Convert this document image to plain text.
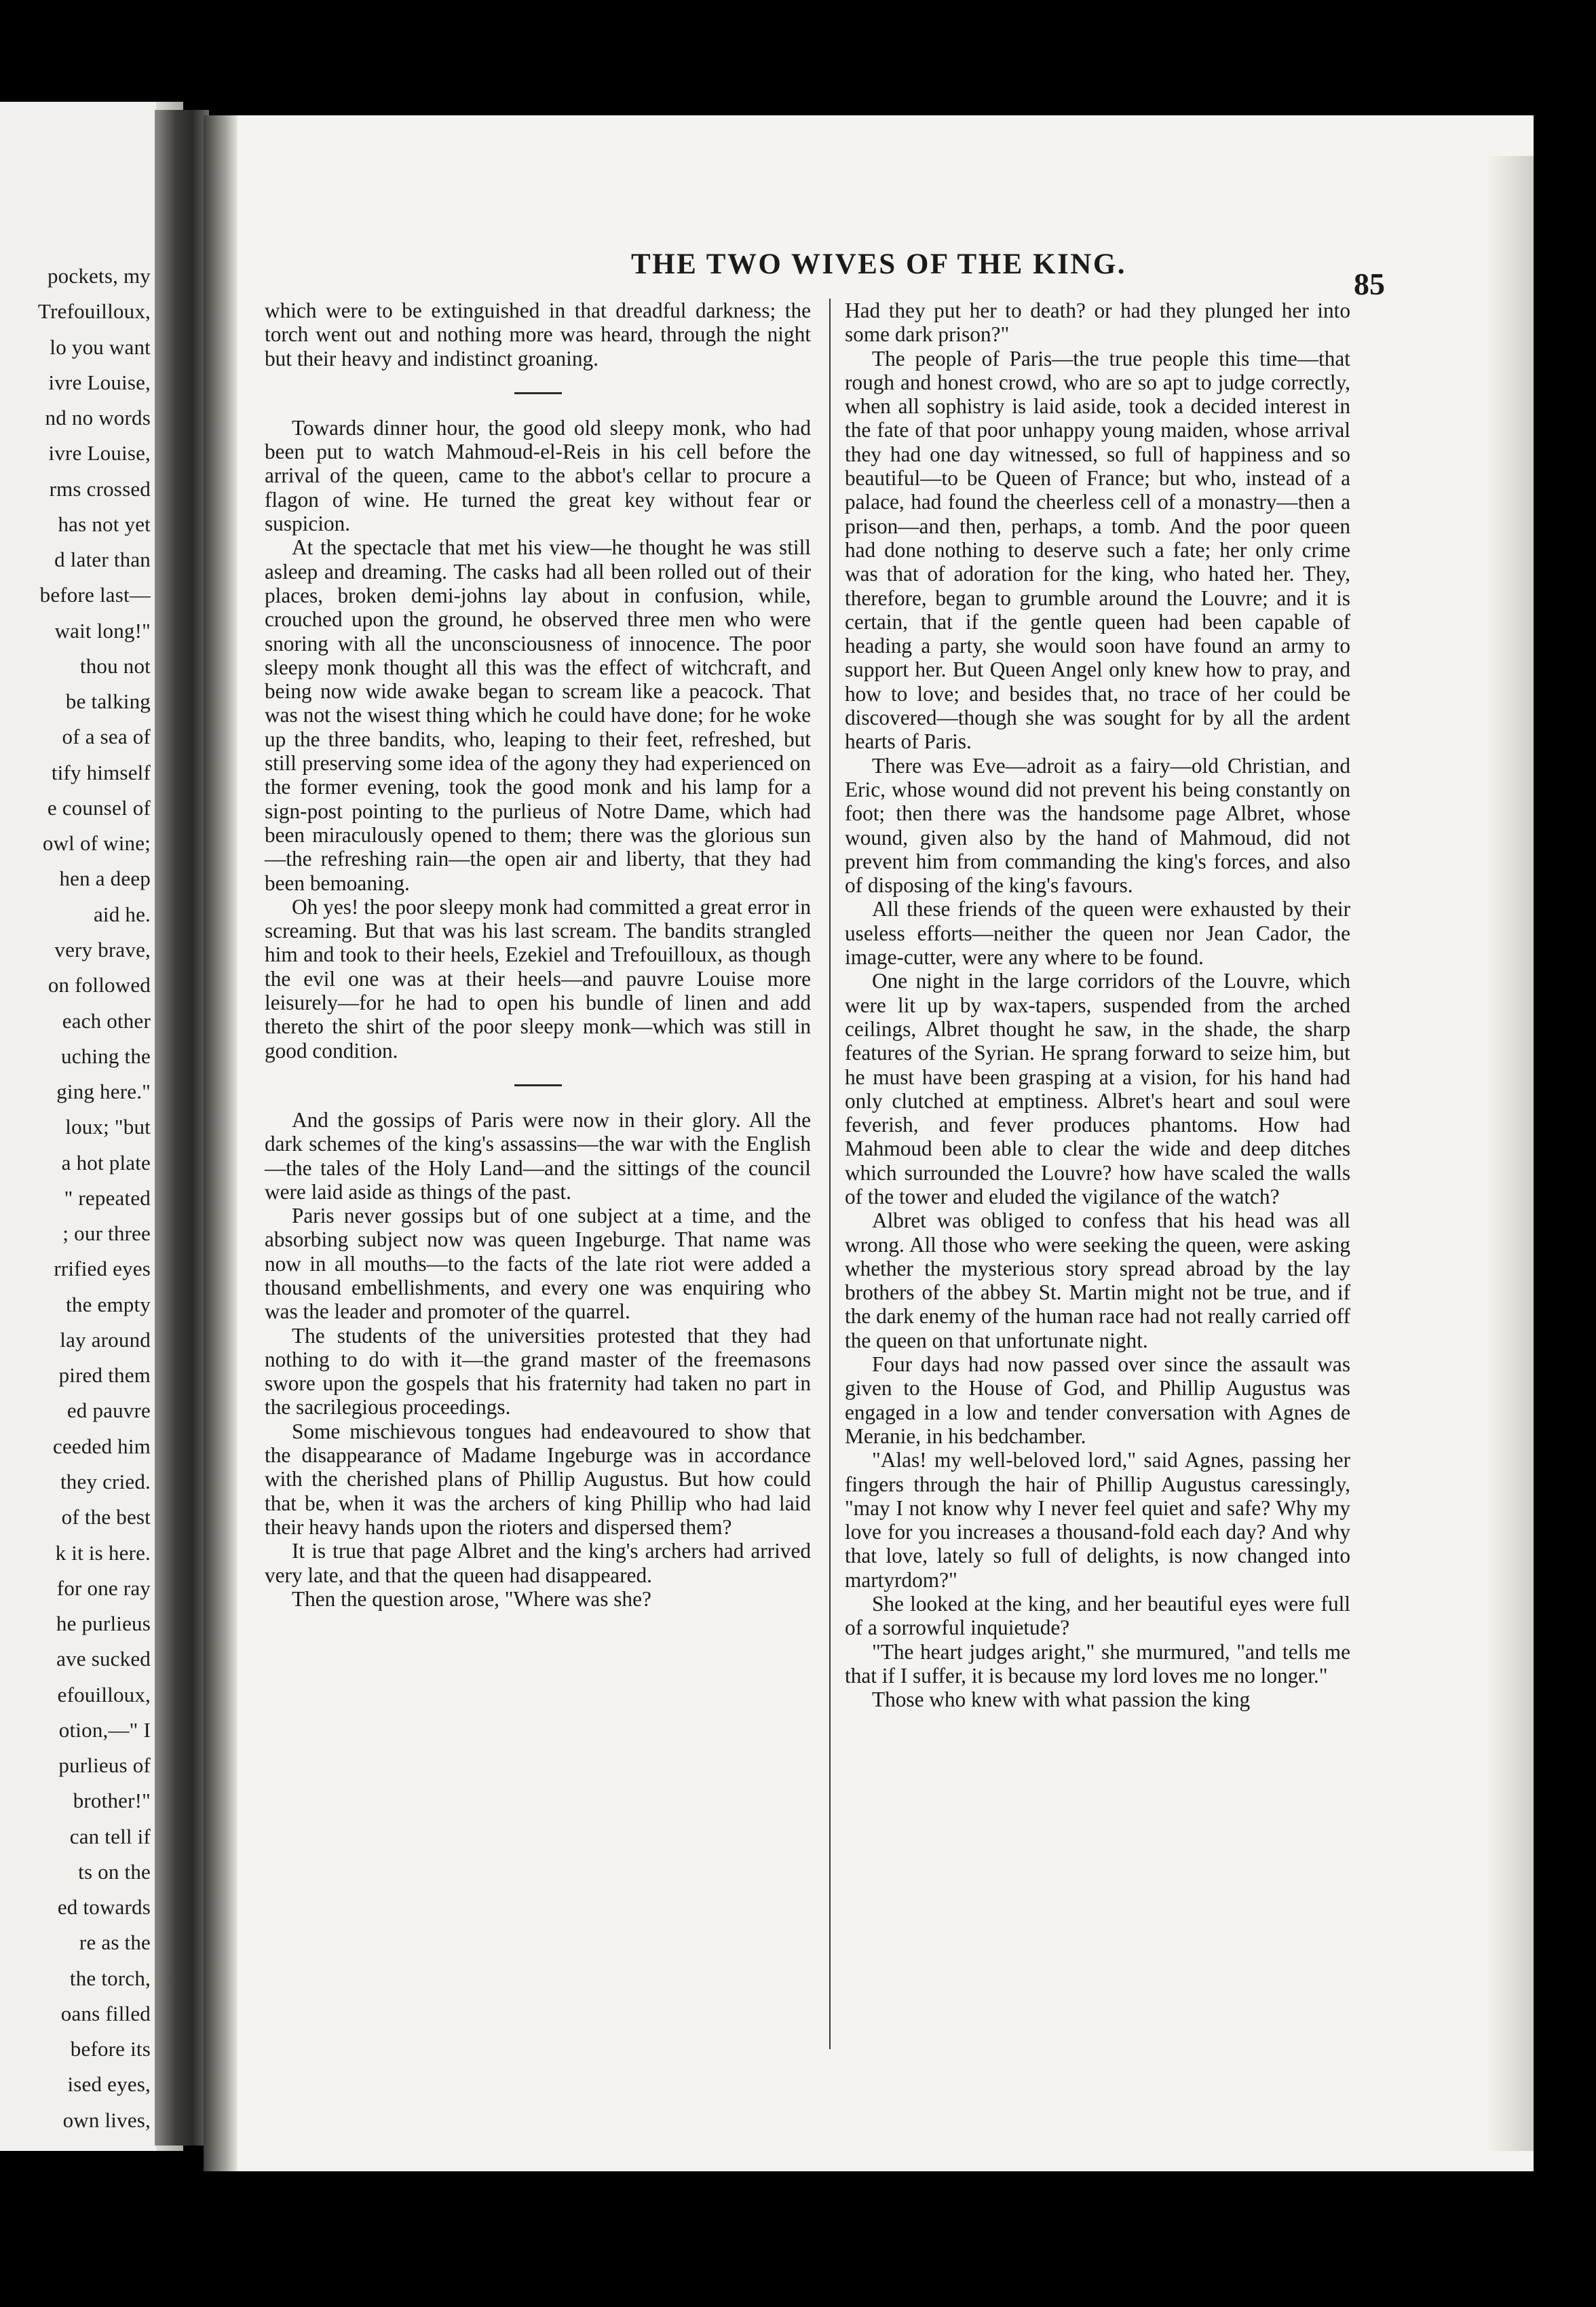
pockets, my
Trefouilloux,
lo you want
ivre Louise,
nd no words
ivre Louise,
rms crossed
has not yet
d later than
before last—
wait long!"
thou not
be talking
of a sea of
tify himself
e counsel of
owl of wine;
hen a deep
aid he.
very brave,
on followed
each other
uching the
ging here."
loux; "but
a hot plate
" repeated
; our three
rrified eyes
the empty
lay around
pired them
ed pauvre
ceeded him
they cried.
of the best
k it is here.
for one ray
he purlieus
ave sucked
efouilloux,
otion,—" I
purlieus of
brother!"
can tell if
ts on the
ed towards
re as the
the torch,
oans filled
before its
ised eyes,
own lives,
THE TWO WIVES OF THE KING.
85

which were to be extinguished in that dreadful darkness; the torch went out and nothing more was heard, through the night but their heavy and indistinct groaning.

Towards dinner hour, the good old sleepy monk, who had been put to watch Mahmoud-el-Reis in his cell before the arrival of the queen, came to the abbot's cellar to procure a flagon of wine. He turned the great key without fear or suspicion.

At the spectacle that met his view—he thought he was still asleep and dreaming. The casks had all been rolled out of their places, broken demi-johns lay about in confusion, while, crouched upon the ground, he observed three men who were snoring with all the unconsciousness of innocence. The poor sleepy monk thought all this was the effect of witchcraft, and being now wide awake began to scream like a peacock. That was not the wisest thing which he could have done; for he woke up the three bandits, who, leaping to their feet, refreshed, but still preserving some idea of the agony they had experienced on the former evening, took the good monk and his lamp for a sign-post pointing to the purlieus of Notre Dame, which had been miraculously opened to them; there was the glorious sun—the refreshing rain—the open air and liberty, that they had been bemoaning.

Oh yes! the poor sleepy monk had committed a great error in screaming. But that was his last scream. The bandits strangled him and took to their heels, Ezekiel and Trefouilloux, as though the evil one was at their heels—and pauvre Louise more leisurely—for he had to open his bundle of linen and add thereto the shirt of the poor sleepy monk—which was still in good condition.

And the gossips of Paris were now in their glory. All the dark schemes of the king's assassins—the war with the English—the tales of the Holy Land—and the sittings of the council were laid aside as things of the past.

Paris never gossips but of one subject at a time, and the absorbing subject now was queen Ingeburge. That name was now in all mouths—to the facts of the late riot were added a thousand embellishments, and every one was enquiring who was the leader and promoter of the quarrel.

The students of the universities protested that they had nothing to do with it—the grand master of the freemasons swore upon the gospels that his fraternity had taken no part in the sacrilegious proceedings.

Some mischievous tongues had endeavoured to show that the disappearance of Madame Ingeburge was in accordance with the cherished plans of Phillip Augustus. But how could that be, when it was the archers of king Phillip who had laid their heavy hands upon the rioters and dispersed them?

It is true that page Albret and the king's archers had arrived very late, and that the queen had disappeared.

Then the question arose, "Where was she?

Had they put her to death? or had they plunged her into some dark prison?"

The people of Paris—the true people this time—that rough and honest crowd, who are so apt to judge correctly, when all sophistry is laid aside, took a decided interest in the fate of that poor unhappy young maiden, whose arrival they had one day witnessed, so full of happiness and so beautiful—to be Queen of France; but who, instead of a palace, had found the cheerless cell of a monastry—then a prison—and then, perhaps, a tomb. And the poor queen had done nothing to deserve such a fate; her only crime was that of adoration for the king, who hated her. They, therefore, began to grumble around the Louvre; and it is certain, that if the gentle queen had been capable of heading a party, she would soon have found an army to support her. But Queen Angel only knew how to pray, and how to love; and besides that, no trace of her could be discovered—though she was sought for by all the ardent hearts of Paris.

There was Eve—adroit as a fairy—old Christian, and Eric, whose wound did not prevent his being constantly on foot; then there was the handsome page Albret, whose wound, given also by the hand of Mahmoud, did not prevent him from commanding the king's forces, and also of disposing of the king's favours.

All these friends of the queen were exhausted by their useless efforts—neither the queen nor Jean Cador, the image-cutter, were any where to be found.

One night in the large corridors of the Louvre, which were lit up by wax-tapers, suspended from the arched ceilings, Albret thought he saw, in the shade, the sharp features of the Syrian. He sprang forward to seize him, but he must have been grasping at a vision, for his hand had only clutched at emptiness. Albret's heart and soul were feverish, and fever produces phantoms. How had Mahmoud been able to clear the wide and deep ditches which surrounded the Louvre? how have scaled the walls of the tower and eluded the vigilance of the watch?

Albret was obliged to confess that his head was all wrong. All those who were seeking the queen, were asking whether the mysterious story spread abroad by the lay brothers of the abbey St. Martin might not be true, and if the dark enemy of the human race had not really carried off the queen on that unfortunate night.

Four days had now passed over since the assault was given to the House of God, and Phillip Augustus was engaged in a low and tender conversation with Agnes de Meranie, in his bedchamber.

"Alas! my well-beloved lord," said Agnes, passing her fingers through the hair of Phillip Augustus caressingly, "may I not know why I never feel quiet and safe? Why my love for you increases a thousand-fold each day? And why that love, lately so full of delights, is now changed into martyrdom?"

She looked at the king, and her beautiful eyes were full of a sorrowful inquietude?

"The heart judges aright," she murmured, "and tells me that if I suffer, it is because my lord loves me no longer."

Those who knew with what passion the king
